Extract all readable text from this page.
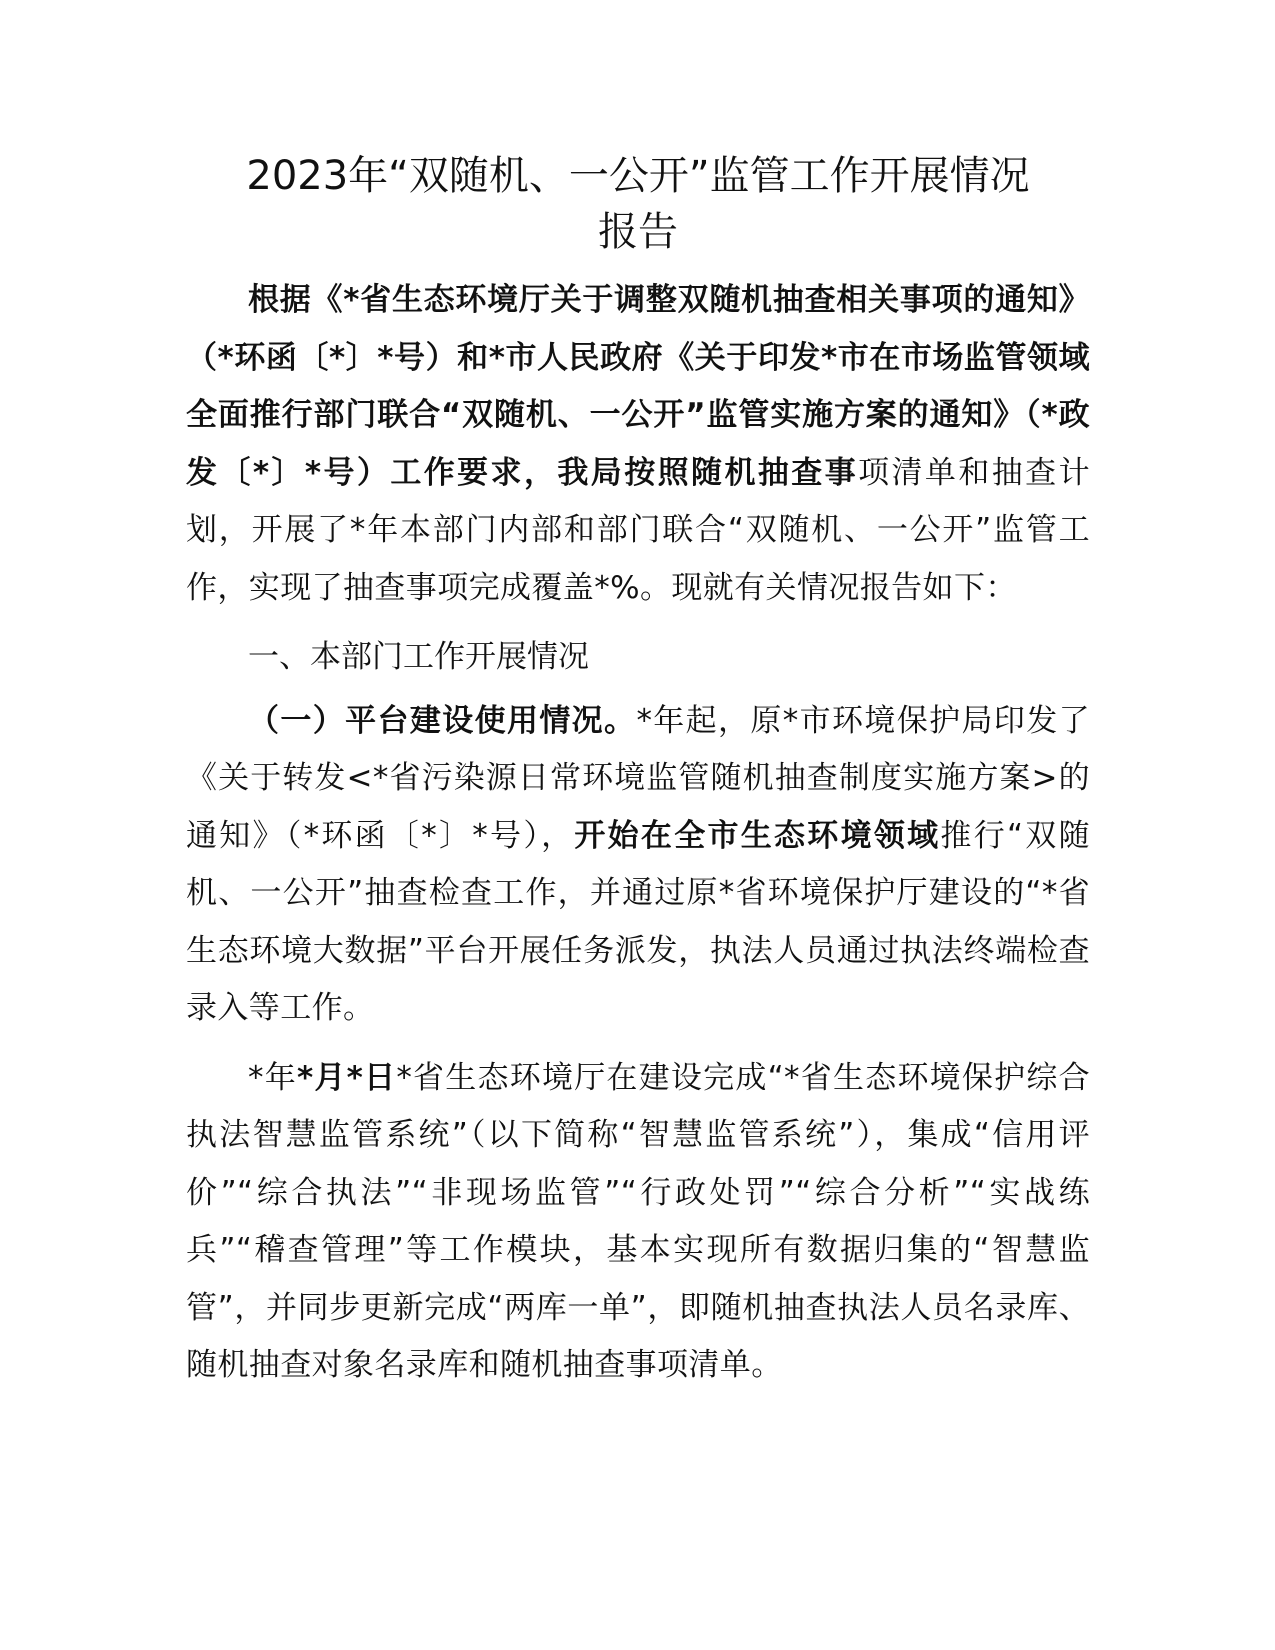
2023年“双随机、一公开”监管工作开展情况
报告

根据《*省生态环境厅关于调整双随机抽查相关事项的通知》（*环函〔*〕*号）和*市人民政府《关于印发*市在市场监管领域全面推行部门联合“双随机、一公开”监管实施方案的通知》（*政发〔*〕*号）工作要求，我局按照随机抽查事项清单和抽查计划，开展了*年本部门内部和部门联合“双随机、一公开”监管工作，实现了抽查事项完成覆盖*%。现就有关情况报告如下：

一、本部门工作开展情况

（一）平台建设使用情况。*年起，原*市环境保护局印发了《关于转发<*省污染源日常环境监管随机抽查制度实施方案>的通知》（*环函〔*〕*号），开始在全市生态环境领域推行“双随机、一公开”抽查检查工作，并通过原*省环境保护厅建设的“*省生态环境大数据”平台开展任务派发，执法人员通过执法终端检查录入等工作。

*年*月*日*省生态环境厅在建设完成“*省生态环境保护综合执法智慧监管系统”（以下简称“智慧监管系统”），集成“信用评价”“综合执法”“非现场监管”“行政处罚”“综合分析”“实战练兵”“稽查管理”等工作模块，基本实现所有数据归集的“智慧监管”，并同步更新完成“两库一单”，即随机抽查执法人员名录库、随机抽查对象名录库和随机抽查事项清单。
